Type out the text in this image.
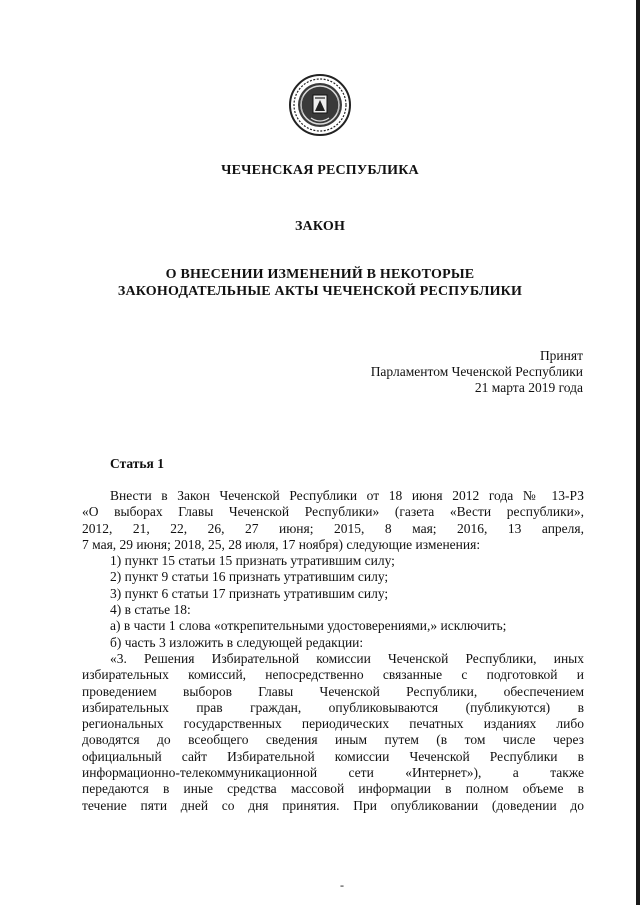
ЧЕЧЕНСКАЯ РЕСПУБЛИКА
ЗАКОН
О ВНЕСЕНИИ ИЗМЕНЕНИЙ В НЕКОТОРЫЕ
ЗАКОНОДАТЕЛЬНЫЕ АКТЫ ЧЕЧЕНСКОЙ РЕСПУБЛИКИ
Принят
Парламентом Чеченской Республики
21 марта 2019 года
Статья 1
Внести в Закон Чеченской Республики от 18 июня 2012 года № 13-РЗ
«О выборах Главы Чеченской Республики» (газета «Вести республики»,
2012, 21, 22, 26, 27 июня; 2015, 8 мая; 2016, 13 апреля,
7 мая, 29 июня; 2018, 25, 28 июля, 17 ноября) следующие изменения:
1) пункт 15 статьи 15 признать утратившим силу;
2) пункт 9 статьи 16 признать утратившим силу;
3) пункт 6 статьи 17 признать утратившим силу;
4) в статье 18:
а) в части 1 слова «открепительными удостоверениями,» исключить;
б) часть 3 изложить в следующей редакции:
«3. Решения Избирательной комиссии Чеченской Республики, иных
избирательных комиссий, непосредственно связанные с подготовкой и
проведением выборов Главы Чеченской Республики, обеспечением
избирательных прав граждан, опубликовываются (публикуются) в
региональных государственных периодических печатных изданиях либо
доводятся до всеобщего сведения иным путем (в том числе через
официальный сайт Избирательной комиссии Чеченской Республики в
информационно-телекоммуникационной сети «Интернет»), а также
передаются в иные средства массовой информации в полном объеме в
течение пяти дней со дня принятия. При опубликовании (доведении до
-
